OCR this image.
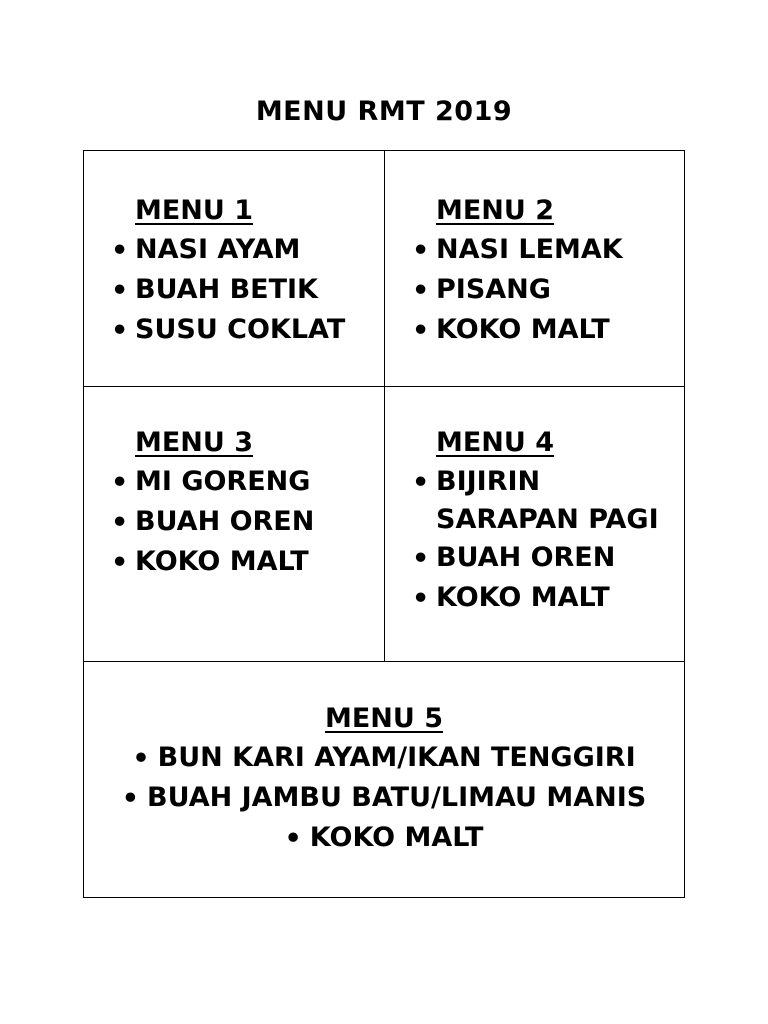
MENU RMT 2019
MENU 1
• NASI AYAM
• BUAH BETIK
• SUSU COKLAT
MENU 2
• NASI LEMAK
• PISANG
• KOKO MALT
MENU 3
• MI GORENG
• BUAH OREN
• KOKO MALT
MENU 4
• BIJIRIN SARAPAN PAGI
• BUAH OREN
• KOKO MALT
MENU 5
• BUN KARI AYAM/IKAN TENGGIRI
• BUAH JAMBU BATU/LIMAU MANIS
• KOKO MALT
